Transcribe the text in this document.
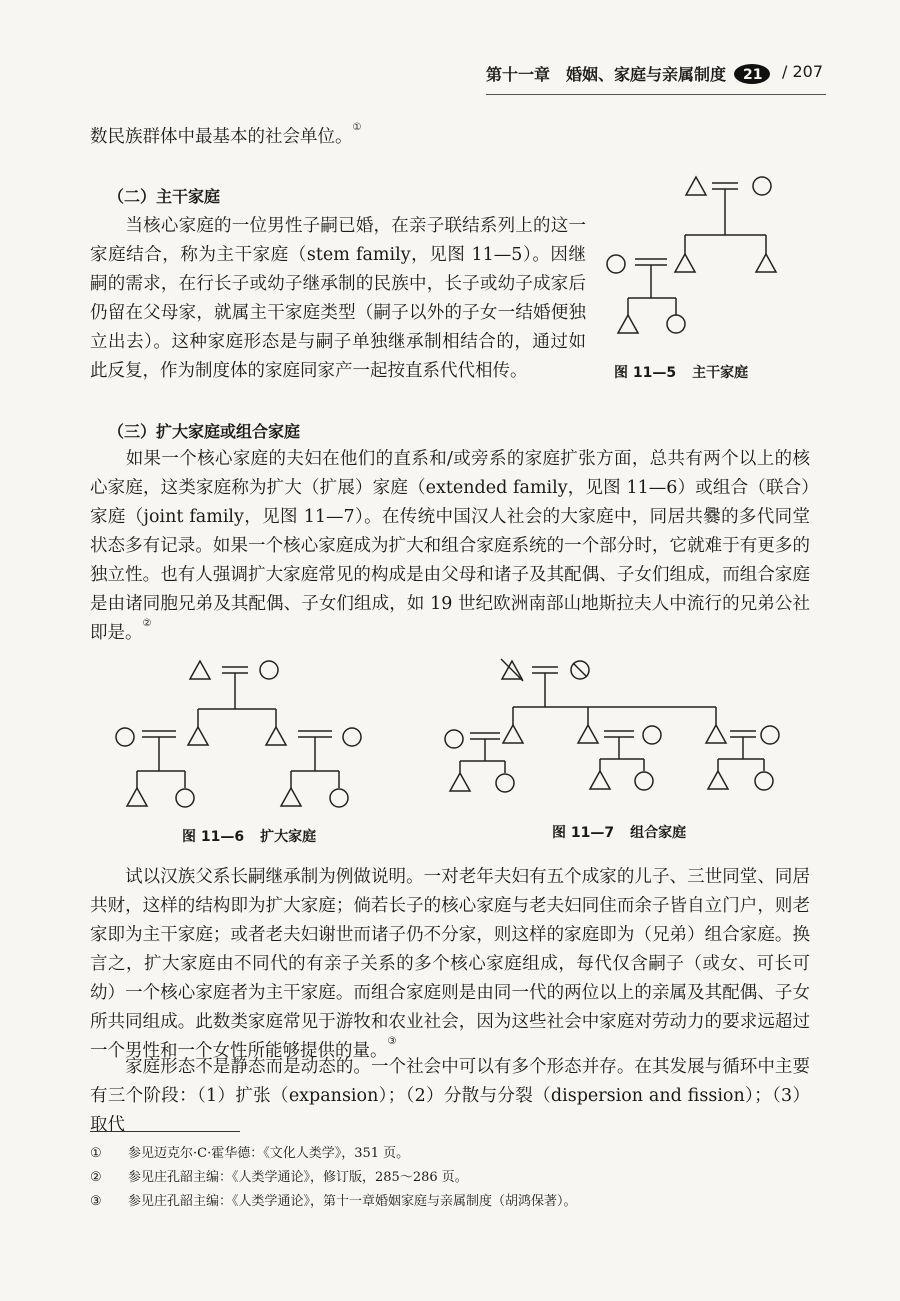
第十一章　婚姻、家庭与亲属制度 21 / 207
数民族群体中最基本的社会单位。①
（二）主干家庭
　　当核心家庭的一位男性子嗣已婚，在亲子联结系列上的这一家庭结合，称为主干家庭（stem family，见图 11—5）。因继嗣的需求，在行长子或幼子继承制的民族中，长子或幼子成家后仍留在父母家，就属主干家庭类型（嗣子以外的子女一结婚便独立出去）。这种家庭形态是与嗣子单独继承制相结合的，通过如此反复，作为制度体的家庭同家产一起按直系代代相传。	图 11—5 主干家庭
（三）扩大家庭或组合家庭
　　如果一个核心家庭的夫妇在他们的直系和/或旁系的家庭扩张方面，总共有两个以上的核心家庭，这类家庭称为扩大（扩展）家庭（extended family，见图 11—6）或组合（联合）家庭（joint family，见图 11—7）。在传统中国汉人社会的大家庭中，同居共爨的多代同堂状态多有记录。如果一个核心家庭成为扩大和组合家庭系统的一个部分时，它就难于有更多的独立性。也有人强调扩大家庭常见的构成是由父母和诸子及其配偶、子女们组成，而组合家庭是由诸同胞兄弟及其配偶、子女们组成，如 19 世纪欧洲南部山地斯拉夫人中流行的兄弟公社即是。②
图 11—6 扩大家庭	图 11—7 组合家庭
　　试以汉族父系长嗣继承制为例做说明。一对老年夫妇有五个成家的儿子、三世同堂、同居共财，这样的结构即为扩大家庭；倘若长子的核心家庭与老夫妇同住而余子皆自立门户，则老家即为主干家庭；或者老夫妇谢世而诸子仍不分家，则这样的家庭即为（兄弟）组合家庭。换言之，扩大家庭由不同代的有亲子关系的多个核心家庭组成，每代仅含嗣子（或女、可长可幼）一个核心家庭者为主干家庭。而组合家庭则是由同一代的两位以上的亲属及其配偶、子女所共同组成。此数类家庭常见于游牧和农业社会，因为这些社会中家庭对劳动力的要求远超过一个男性和一个女性所能够提供的量。③
　　家庭形态不是静态而是动态的。一个社会中可以有多个形态并存。在其发展与循环中主要有三个阶段：（1）扩张（expansion）；（2）分散与分裂（dispersion and fission）；（3）取代
① 参见迈克尔·C·霍华德：《文化人类学》，351 页。
② 参见庄孔韶主编：《人类学通论》，修订版，285～286 页。
③ 参见庄孔韶主编：《人类学通论》，第十一章婚姻家庭与亲属制度（胡鸿保著）。
